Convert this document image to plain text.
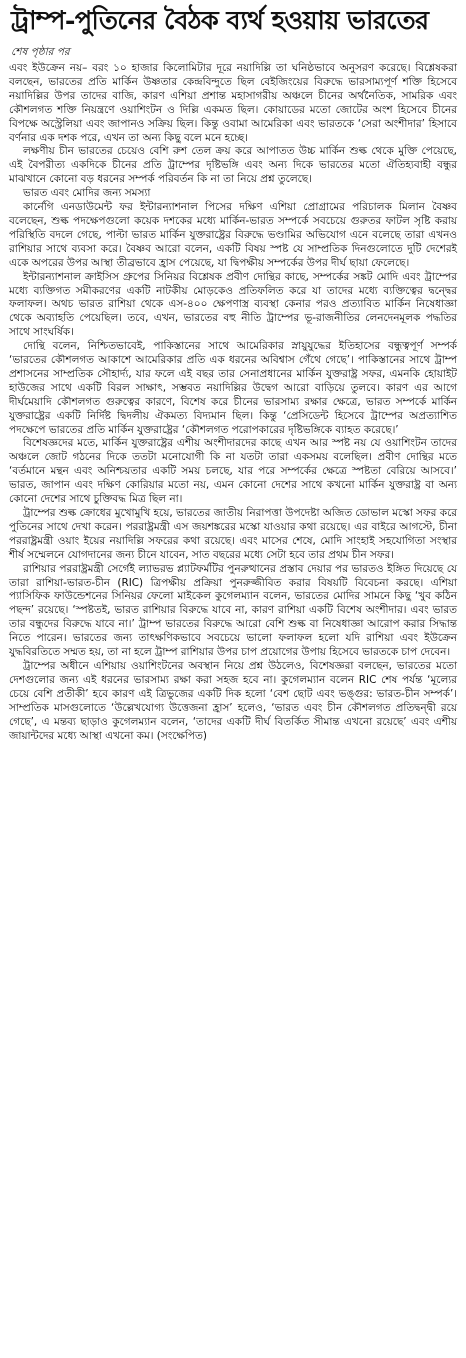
ট্রাম্প-পুতিনের বৈঠক ব্যর্থ হওয়ায় ভারতের
শেষ পৃষ্ঠার পর

এবং ইউক্রেন নয়– বরং ১০ হাজার কিলোমিটার দূরে নয়াদিল্লি তা ঘনিষ্ঠভাবে অনুসরণ করেছে। বিশ্লেষকরা বলছেন, ভারতের প্রতি মার্কিন উষ্ণতার কেন্দ্রবিন্দুতে ছিল বেইজিংয়ের বিরুদ্ধে ভারসাম্যপূর্ণ শক্তি হিসেবে নয়াদিল্লির উপর তাদের বাজি, কারণ এশিয়া প্রশান্ত মহাসাগরীয় অঞ্চলে চীনের অর্থনৈতিক, সামরিক এবং কৌশলগত শক্তি নিয়ন্ত্রণে ওয়াশিংটন ও দিল্লি একমত ছিল। কোয়াডের মতো জোটের অংশ হিসেবে চীনের বিপক্ষে অস্ট্রেলিয়া এবং জাপানও সক্রিয় ছিল। কিন্তু ওবামা আমেরিকা এবং ভারতকে ‘সেরা অংশীদার’ হিসাবে বর্ণনার এক দশক পরে, এখন তা অন্য কিছু বলে মনে হচ্ছে।

লক্ষণীয় চীন ভারতের চেয়েও বেশি রুশ তেল ক্রয় করে আপাতত উচ্চ মার্কিন শুল্ক থেকে মুক্তি পেয়েছে, এই বৈপরীত্য একদিকে চীনের প্রতি ট্রাম্পের দৃষ্টিভঙ্গি এবং অন্য দিকে ভারতের মতো ঐতিহ্যবাহী বন্ধুর মাঝখানে কোনো বড় ধরনের সম্পর্ক পরিবর্তন কি না তা নিয়ে প্রশ্ন তুলেছে।

ভারত এবং মোদির জন্য সমস্যা

কার্নেগি এনডাউমেন্ট ফর ইন্টারন্যাশনাল পিসের দক্ষিণ এশিয়া প্রোগ্রামের পরিচালক মিলান বৈষ্ণব বলেছেন, শুল্ক পদক্ষেপগুলো কয়েক দশকের মধ্যে মার্কিন-ভারত সম্পর্কে সবচেয়ে গুরুতর ফাটল সৃষ্টি করায় পরিস্থিতি বদলে গেছে, পাল্টা ভারত মার্কিন যুক্তরাষ্ট্রের বিরুদ্ধে ভণ্ডামির অভিযোগ এনে বলেছে তারা এখনও রাশিয়ার সাথে ব্যবসা করে। বৈষ্ণব আরো বলেন, একটি বিষয় স্পষ্ট যে সাম্প্রতিক দিনগুলোতে দুটি দেশেরই একে অপরের উপর আস্থা তীব্রভাবে হ্রাস পেয়েছে, যা দ্বিপক্ষীয় সম্পর্কের উপর দীর্ঘ ছায়া ফেলেছে।

ইন্টারন্যাশনাল ক্রাইসিস গ্রুপের সিনিয়র বিশ্লেষক প্রবীণ দোন্থির কাছে, সম্পর্কের সঙ্কট মোদি এবং ট্রাম্পের মধ্যে ব্যক্তিগত সমীকরণের একটি নাটকীয় মোড়কেও প্রতিফলিত করে যা তাদের মধ্যে ব্যক্তিত্বের দ্বন্দ্বের ফলাফল। অথচ ভারত রাশিয়া থেকে এস-৪০০ ক্ষেপণাস্ত্র ব্যবস্থা কেনার পরও প্রত্যাবিত মার্কিন নিষেধাজ্ঞা থেকে অব্যাহতি পেয়েছিল। তবে, এখন, ভারতের বহু নীতি ট্রাম্পের ভূ-রাজনীতির লেনদেনমূলক পদ্ধতির সাথে সাংঘর্ষিক।

দোন্থি বলেন, নিশ্চিতভাবেই, পাকিস্তানের সাথে আমেরিকার স্নায়ুযুদ্ধের ইতিহাসের বন্ধুত্বপূর্ণ সম্পর্ক ‘ভারতের কৌশলগত আকাশে আমেরিকার প্রতি এক ধরনের অবিশ্বাস গেঁথে গেছে’। পাকিস্তানের সাথে ট্রাম্প প্রশাসনের সাম্প্রতিক সৌহার্দ্য, যার ফলে এই বছর তার সেনাপ্রধানের মার্কিন যুক্তরাষ্ট্র সফর, এমনকি হোয়াইট হাউজের সাথে একটি বিরল সাক্ষাৎ, সম্ভবত নয়াদিল্লির উদ্বেগ আরো বাড়িয়ে তুলবে। কারণ এর আগে দীর্ঘমেয়াদি কৌশলগত গুরুত্বের কারণে, বিশেষ করে চীনের ভারসাম্য রক্ষার ক্ষেত্রে, ভারত সম্পর্কে মার্কিন যুক্তরাষ্ট্রের একটি নির্দিষ্ট দ্বিদলীয় ঐকমত্য বিদ্যমান ছিল। কিন্তু ‘প্রেসিডেন্ট হিসেবে ট্রাম্পের অপ্রত্যাশিত পদক্ষেপে ভারতের প্রতি মার্কিন যুক্তরাষ্ট্রের ‘কৌশলগত পরোপকারের দৃষ্টিভঙ্গিকে ব্যাহত করেছে।’

বিশেষজ্ঞদের মতে, মার্কিন যুক্তরাষ্ট্রের এশীয় অংশীদারদের কাছে এখন আর স্পষ্ট নয় যে ওয়াশিংটন তাদের অঞ্চলে জোট গঠনের দিকে ততটা মনোযোগী কি না যতটা তারা একসময় বলেছিল। প্রবীণ দোন্থির মতে ‘বর্তমানে মন্থন এবং অনিশ্চয়তার একটি সময় চলছে, যার পরে সম্পর্কের ক্ষেত্রে স্পষ্টতা বেরিয়ে আসবে।’ ভারত, জাপান এবং দক্ষিণ কোরিয়ার মতো নয়, এমন কোনো দেশের সাথে কখনো মার্কিন যুক্তরাষ্ট্র বা অন্য কোনো দেশের সাথে চুক্তিবদ্ধ মিত্র ছিল না।

ট্রাম্পের শুল্ক ক্রোধের মুখোমুখি হয়ে, ভারতের জাতীয় নিরাপত্তা উপদেষ্টা অজিত ডোভাল মস্কো সফর করে পুতিনের সাথে দেখা করেন। পররাষ্ট্রমন্ত্রী এস জয়শঙ্করের মস্কো যাওয়ার কথা রয়েছে। এর বাইরে আগস্টে, চীনা পররাষ্ট্রমন্ত্রী ওয়াং ইয়ের নয়াদিল্লি সফরের কথা রয়েছে। এবং মাসের শেষে, মোদি সাংহাই সহযোগিতা সংস্থার শীর্ষ সম্মেলনে যোগদানের জন্য চীনে যাবেন, সাত বছরের মধ্যে সেটা হবে তার প্রথম চীন সফর।

রাশিয়ার পররাষ্ট্রমন্ত্রী সের্গেই ল্যাভরভ প্ল্যাটফর্মটির পুনরুত্থানের প্রস্তাব দেয়ার পর ভারতও ইঙ্গিত দিয়েছে যে তারা রাশিয়া-ভারত-চীন (RIC) ত্রিপক্ষীয় প্রক্রিয়া পুনরুজ্জীবিত করার বিষয়টি বিবেচনা করছে। এশিয়া প্যাসিফিক ফাউন্ডেশনের সিনিয়র ফেলো মাইকেল কুগেলম্যান বলেন, ভারতের মোদির সামনে কিছু ‘খুব কঠিন পছন্দ’ রয়েছে। ‘স্পষ্টতই, ভারত রাশিয়ার বিরুদ্ধে যাবে না, কারণ রাশিয়া একটি বিশেষ অংশীদার। এবং ভারত তার বন্ধুদের বিরুদ্ধে যাবে না।’ ট্রাম্প ভারতের বিরুদ্ধে আরো বেশি শুল্ক বা নিষেধাজ্ঞা আরোপ করার সিদ্ধান্ত নিতে পারেন। ভারতের জন্য তাৎক্ষণিকভাবে সবচেয়ে ভালো ফলাফল হলো যদি রাশিয়া এবং ইউক্রেন যুদ্ধবিরতিতে সম্মত হয়, তা না হলে ট্রাম্প রাশিয়ার উপর চাপ প্রয়োগের উপায় হিসেবে ভারতকে চাপ দেবেন।

ট্রাম্পের অধীনে এশিয়ায় ওয়াশিংটনের অবস্থান নিয়ে প্রশ্ন উঠলেও, বিশেষজ্ঞরা বলছেন, ভারতের মতো দেশগুলোর জন্য এই ধরনের ভারসাম্য রক্ষা করা সহজ হবে না। কুগেলম্যান বলেন RIC শেষ পর্যন্ত ‘মূল্যের চেয়ে বেশি প্রতীকী’ হবে কারণ এই ত্রিভুজের একটি দিক হলো ‘বেশ ছোট এবং ভঙ্গুর: ভারত-চীন সম্পর্ক’। সাম্প্রতিক মাসগুলোতে ‘উল্লেখযোগ্য উত্তেজনা হ্রাস’ হলেও, ‘ভারত এবং চীন কৌশলগত প্রতিদ্বন্দ্বী রয়ে গেছে’, এ মন্তব্য ছাড়াও কুগেলম্যান বলেন, ‘তাদের একটি দীর্ঘ বিতর্কিত সীমান্ত এখনো রয়েছে’ এবং এশীয় জায়ান্টদের মধ্যে আস্থা এখনো কম। (সংক্ষেপিত)
